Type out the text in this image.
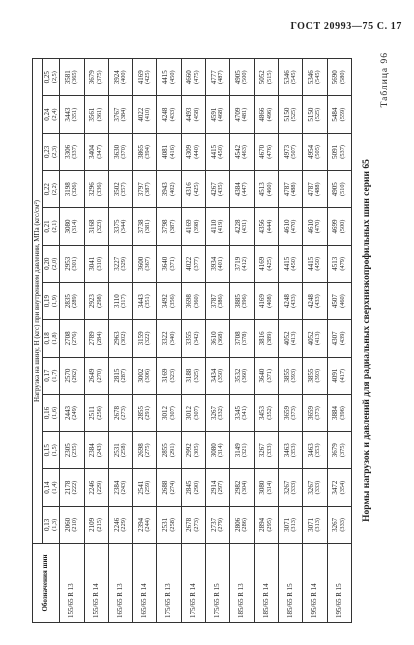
ГОСТ 20993—75 С. 17
Обозначения шин	Нагрузка на шину, Н (кгс) при внутреннем давлении, МПа (кгс/см²)												
	0,13 (1,3)	0,14 (1,4)	0,15 (1,5)	0,16 (1,6)	0,17 (1,7)	0,18 (1,8)	0,19 (1,9)	0,20 (2,0)	0,21 (2,1)	0,22 (2,2)	0,23 (2,3)	0,24 (2,4)	0,25 (2,5)

155/65 R 13	2060 (210)	2178 (222)	2305 (235)	2443 (249)	2570 (262)	2708 (276)	2835 (289)	2953 (301)	3080 (314)	3198 (326)	3306 (337)	3443 (351)	3581 (365)

155/65 R 14	2109 (215)	2246 (229)	2384 (243)	2511 (256)	2649 (270)	2789 (284)	2923 (298)	3041 (310)	3168 (323)	3296 (336)	3404 (347)	3561 (361)	3679 (375)

165/65 R 13	2246 (229)	2384 (243)	2531 (258)	2678 (273)	2815 (287)	2963 (302)	3110 (317)	3227 (329)	3375 (344)	3502 (357)	3630 (370)	3767 (384)	3924 (400)

165/65 R 14	2394 (244)	2541 (259)	2698 (275)	2855 (291)	3002 (306)	3159 (322)	3443 (351)	3600 (367)	3738 (381)	3797 (387)	3865 (394)	4022 (410)	4169 (425)

175/65 R 13	2531 (258)	2688 (274)	2855 (291)	3012 (307)	3169 (323)	3322 (340)	3492 (356)	3640 (371)	3798 (387)	3943 (402)	4081 (416)	4248 (433)	4415 (450)

175/65 R 14	2678 (273)	2845 (290)	2992 (305)	3012 (307)	3188 (325)	3355 (342)	3698 (360)	4022 (377)	4169 (398)	4316 (425)	4309 (440)	4493 (458)	4660 (475)

175/65 R 15	2737 (279)	2914 (297)	3080 (314)	3267 (332)	3434 (350)	3610 (368)	3787 (386)	3934 (401)	4110 (419)	4267 (435)	4415 (450)	4591 (468)	4777 (487)

185/65 R 13	2806 (286)	2982 (304)	3149 (321)	3345 (341)	3532 (360)	3708 (378)	3885 (396)	3719 (412)	4228 (431)	4384 (447)	4542 (463)	4709 (481)	4905 (500)

185/65 R 14	2894 (295)	3080 (314)	3267 (333)	3453 (352)	3640 (371)	3816 (389)	4169 (408)	4169 (425)	4356 (444)	4513 (460)	4670 (476)	4866 (496)	5052 (515)

185/65 R 15	3071 (313)	3267 (333)	3463 (353)	3659 (373)	3855 (393)	4052 (413)	4248 (433)	4415 (450)	4610 (470)	4787 (488)	4973 (507)	5150 (525)	5346 (545)

195/65 R 14	3071 (313)	3267 (333)	3463 (353)	3659 (373)	3855 (393)	4052 (413)	4248 (433)	4415 (450)	4610 (470)	4787 (488)	4954 (505)	5150 (525)	5346 (545)

195/65 R 15	3267 (333)	3472 (354)	3679 (375)	3884 (396)	4091 (417)	4307 (439)	4507 (460)	4513 (479)	4699 (500)	4905 (510)	5091 (537)	5484 (559)	5690 (580)
Нормы нагрузок и давлений для радиальных сверхнизкопрофильных шин серии 65
Таблица 96
